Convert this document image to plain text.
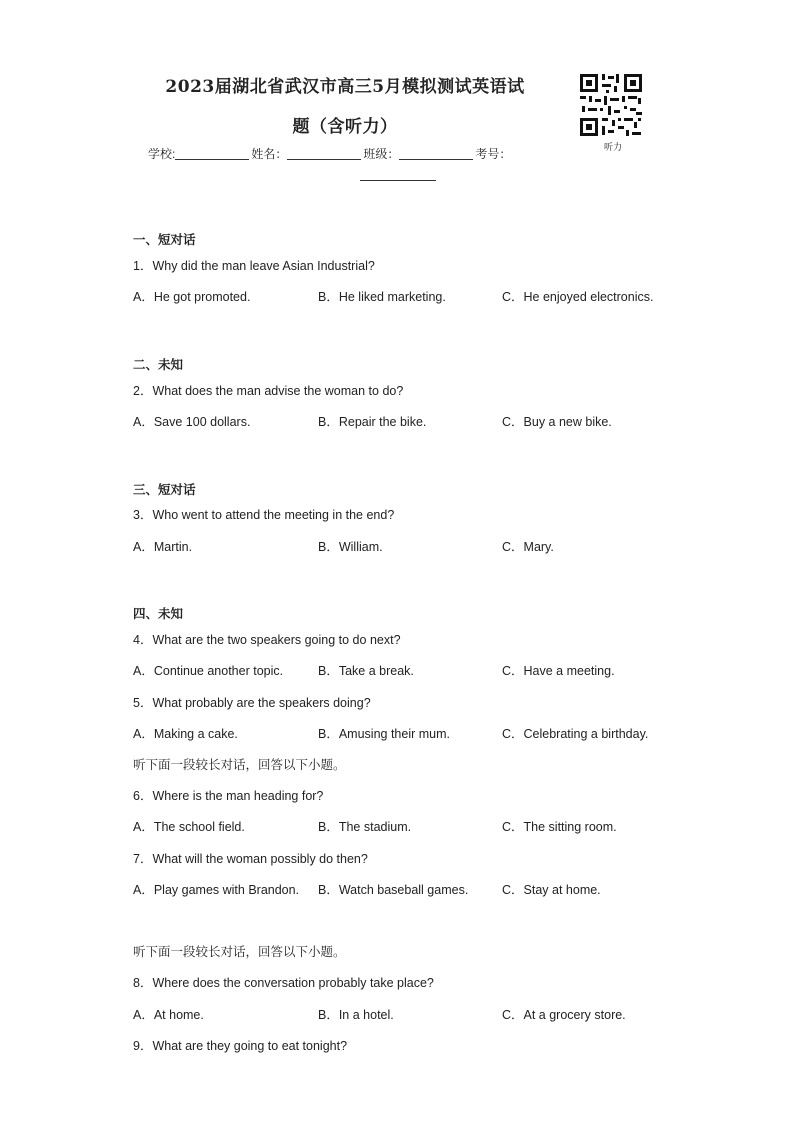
2023届湖北省武汉市高三5月模拟测试英语试
题（含听力）
听力
学校:	姓名：	班级：	考号：
一、短对话
1．Why did the man leave Asian Industrial?
A．He got promoted.	B．He liked marketing.	C．He enjoyed electronics.
二、未知
2．What does the man advise the woman to do?
A．Save 100 dollars.	B．Repair the bike.	C．Buy a new bike.
三、短对话
3．Who went to attend the meeting in the end?
A．Martin.	B．William.	C．Mary.
四、未知
4．What are the two speakers going to do next?
A．Continue another topic.	B．Take a break.	C．Have a meeting.
5．What probably are the speakers doing?
A．Making a cake.	B．Amusing their mum.	C．Celebrating a birthday.
听下面一段较长对话，回答以下小题。
6．Where is the man heading for?
A．The school field.	B．The stadium.	C．The sitting room.
7．What will the woman possibly do then?
A．Play games with Brandon. B．Watch baseball games.	C．Stay at home.
听下面一段较长对话，回答以下小题。
8．Where does the conversation probably take place?
A．At home.	B．In a hotel.	C．At a grocery store.
9．What are they going to eat tonight?
